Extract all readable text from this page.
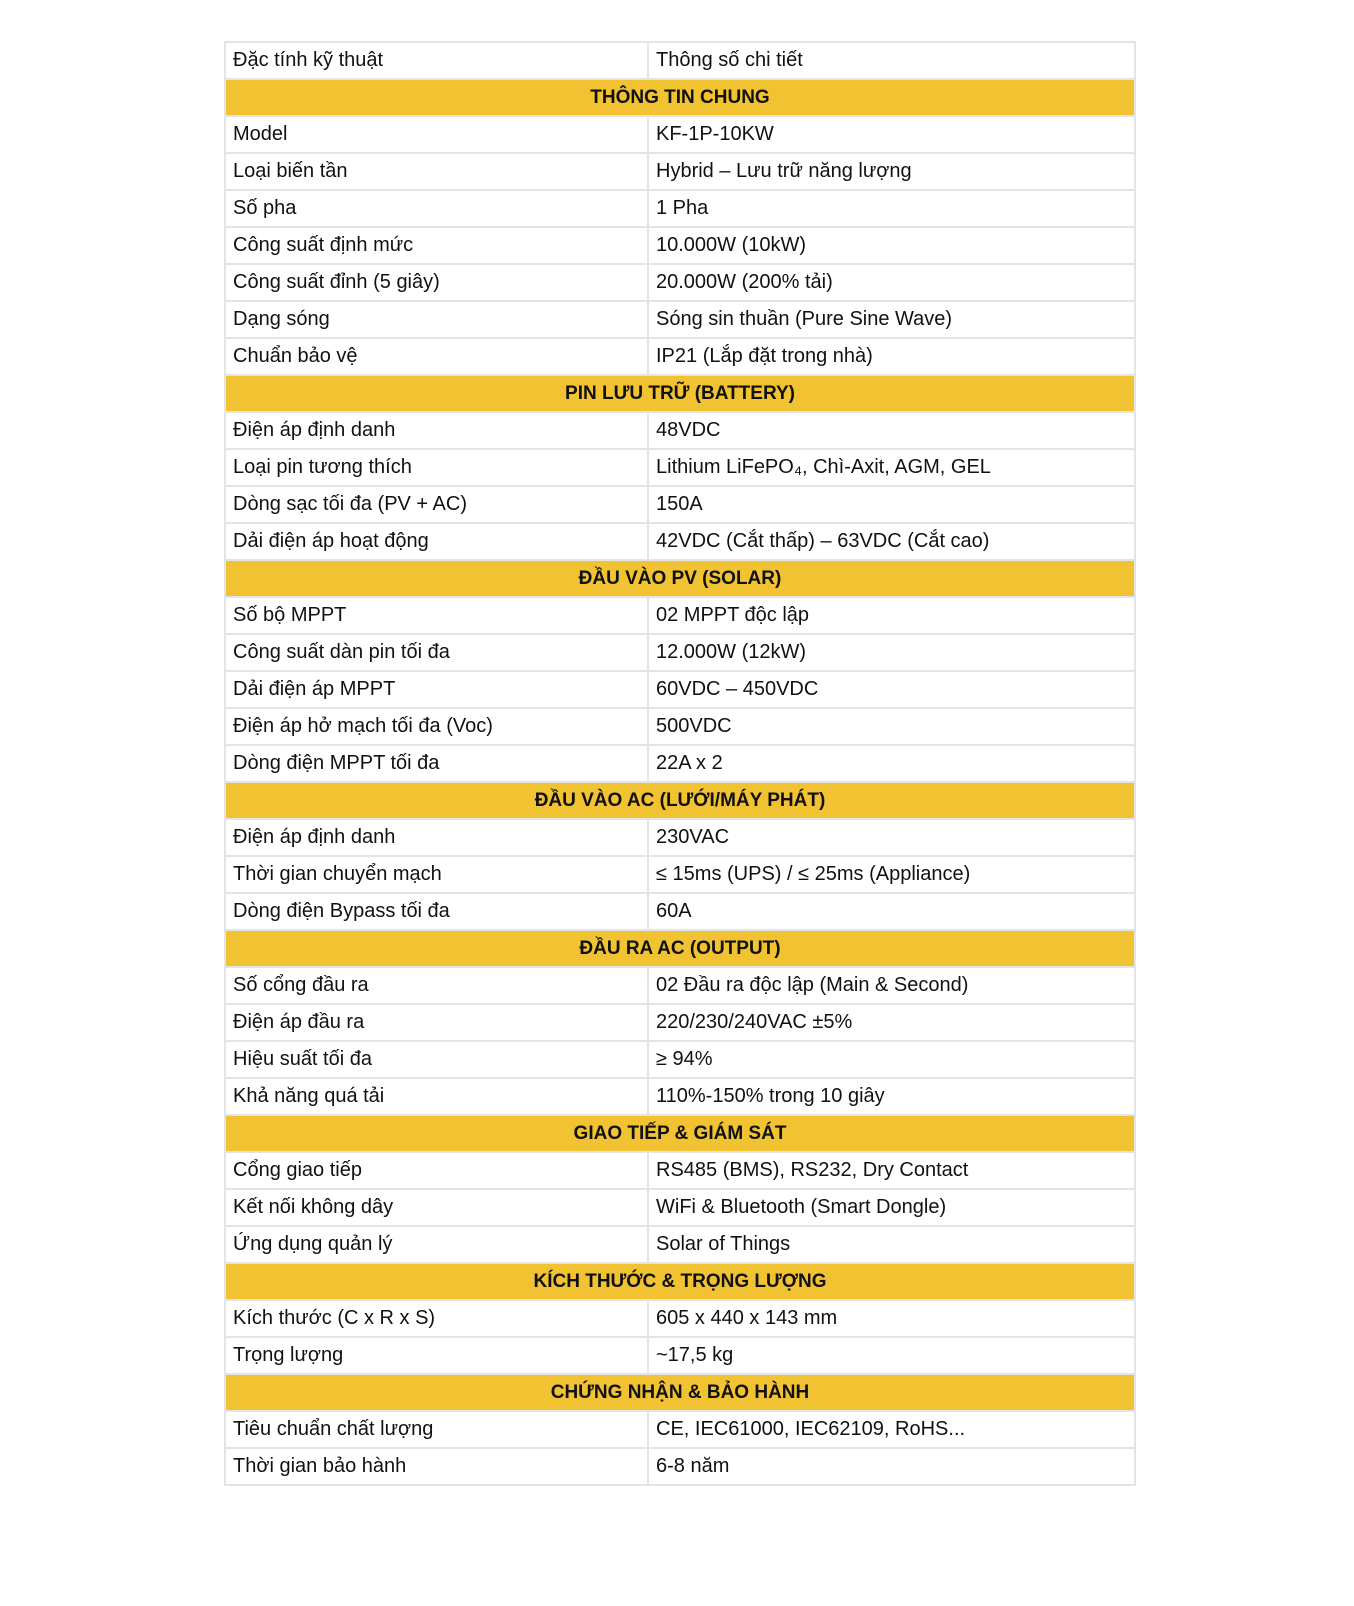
Đặc tính kỹ thuật	Thông số chi tiết
THÔNG TIN CHUNG	
Model	KF-1P-10KW
Loại biến tần	Hybrid – Lưu trữ năng lượng
Số pha	1 Pha
Công suất định mức	10.000W (10kW)
Công suất đỉnh (5 giây)	20.000W (200% tải)
Dạng sóng	Sóng sin thuần (Pure Sine Wave)
Chuẩn bảo vệ	IP21 (Lắp đặt trong nhà)
PIN LƯU TRỮ (BATTERY)	
Điện áp định danh	48VDC
Loại pin tương thích	Lithium LiFePO₄, Chì-Axit, AGM, GEL
Dòng sạc tối đa (PV + AC)	150A
Dải điện áp hoạt động	42VDC (Cắt thấp) – 63VDC (Cắt cao)
ĐẦU VÀO PV (SOLAR)	
Số bộ MPPT	02 MPPT độc lập
Công suất dàn pin tối đa	12.000W (12kW)
Dải điện áp MPPT	60VDC – 450VDC
Điện áp hở mạch tối đa (Voc)	500VDC
Dòng điện MPPT tối đa	22A x 2
ĐẦU VÀO AC (LƯỚI/MÁY PHÁT)	
Điện áp định danh	230VAC
Thời gian chuyển mạch	≤ 15ms (UPS) / ≤ 25ms (Appliance)
Dòng điện Bypass tối đa	60A
ĐẦU RA AC (OUTPUT)	
Số cổng đầu ra	02 Đầu ra độc lập (Main & Second)
Điện áp đầu ra	220/230/240VAC ±5%
Hiệu suất tối đa	≥ 94%
Khả năng quá tải	110%-150% trong 10 giây
GIAO TIẾP & GIÁM SÁT	
Cổng giao tiếp	RS485 (BMS), RS232, Dry Contact
Kết nối không dây	WiFi & Bluetooth (Smart Dongle)
Ứng dụng quản lý	Solar of Things
KÍCH THƯỚC & TRỌNG LƯỢNG	
Kích thước (C x R x S)	605 x 440 x 143 mm
Trọng lượng	~17,5 kg
CHỨNG NHẬN & BẢO HÀNH	
Tiêu chuẩn chất lượng	CE, IEC61000, IEC62109, RoHS...
Thời gian bảo hành	6-8 năm
